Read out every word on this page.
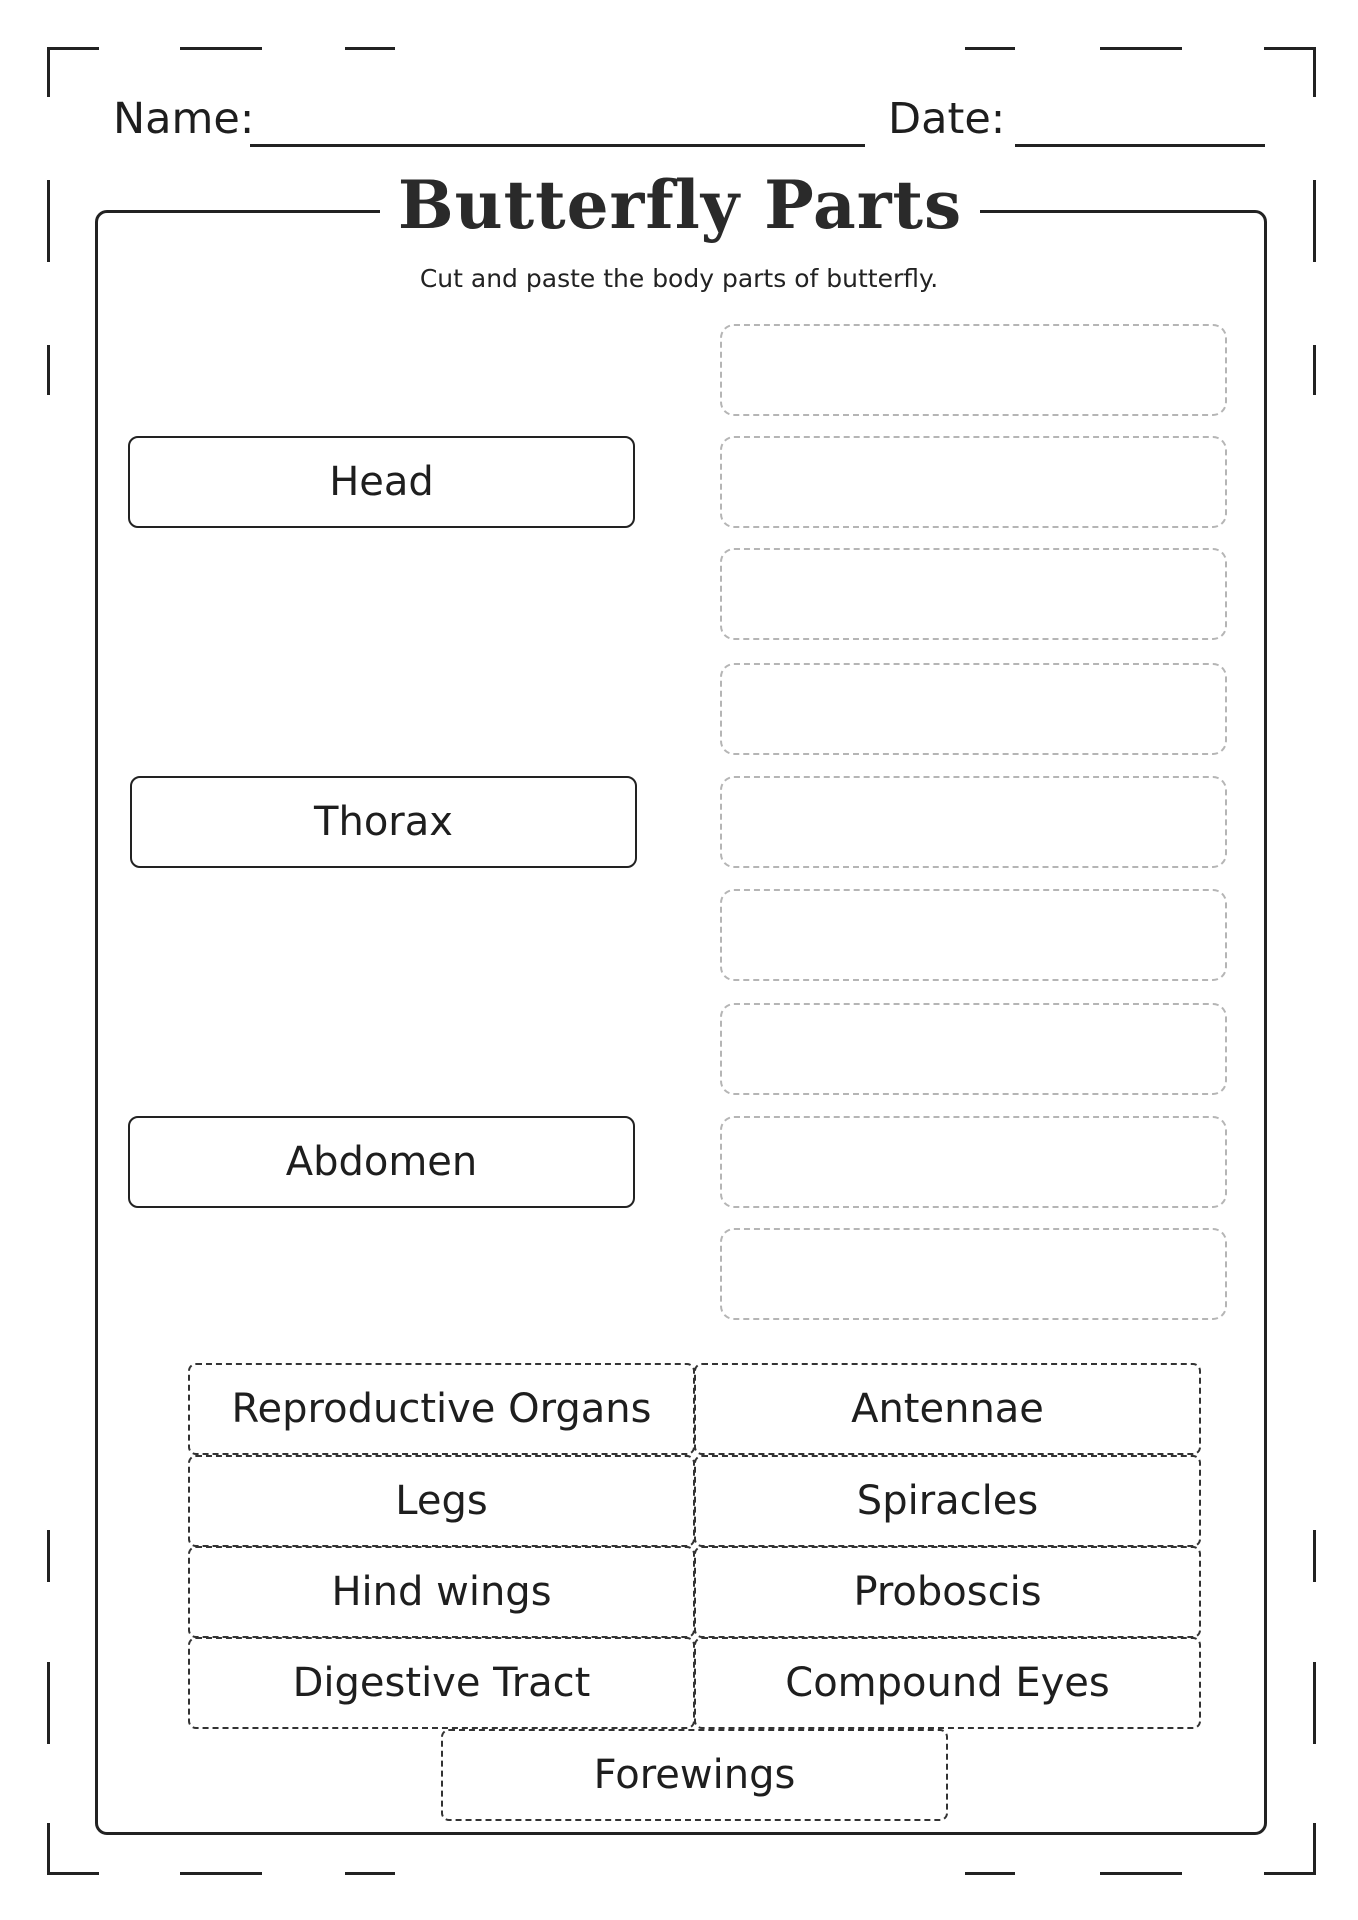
Name:	Date:
Butterfly Parts
Cut and paste the body parts of butterfly.
Head
Thorax
Abdomen
Reproductive Organs	Antennae
Legs	Spiracles
Hind wings	Proboscis
Digestive Tract	Compound Eyes
Forewings
